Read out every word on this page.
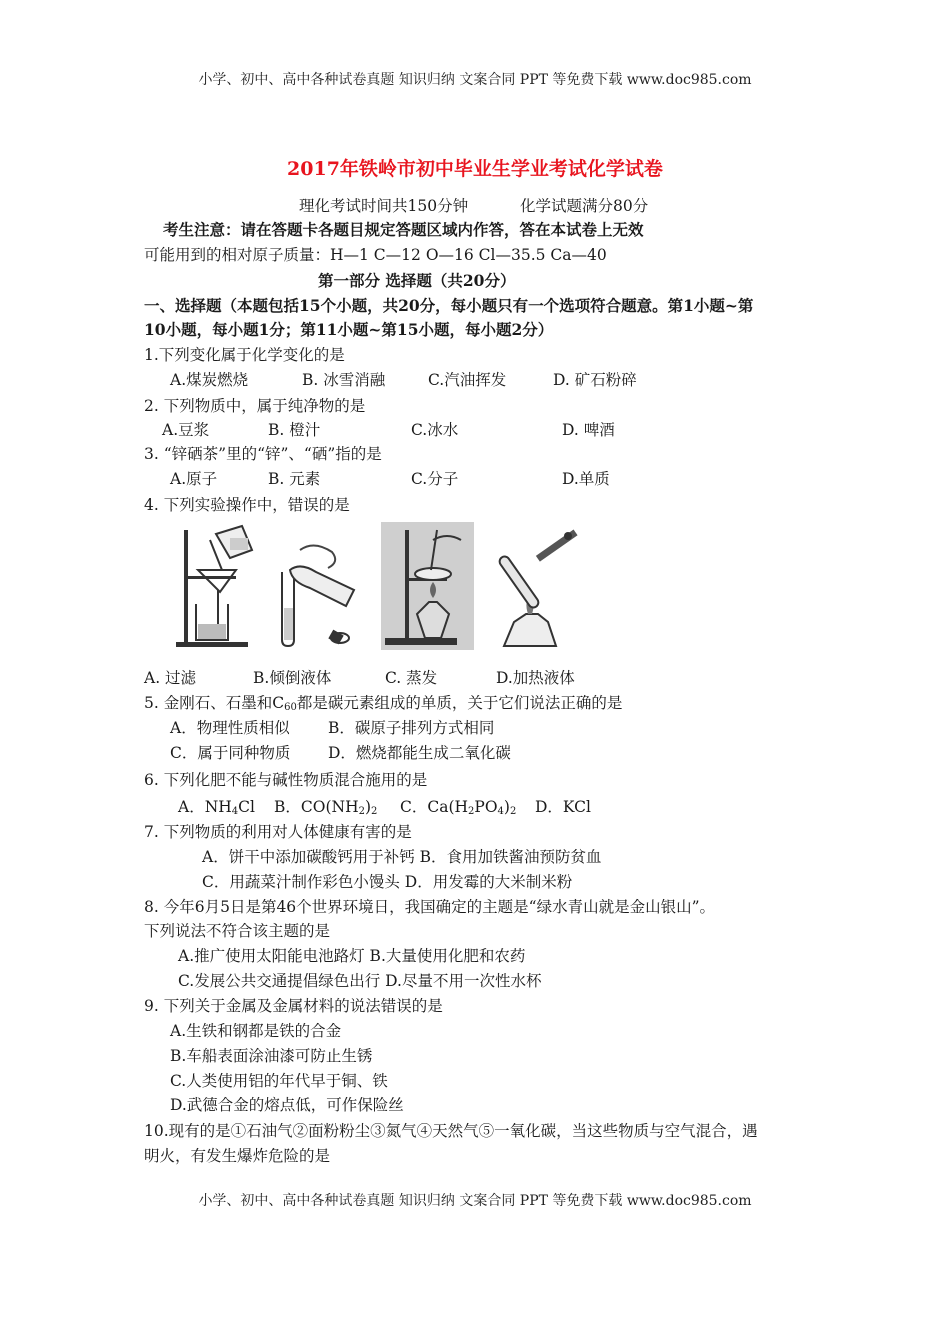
小学、初中、高中各种试卷真题 知识归纳 文案合同 PPT 等免费下载 www.doc985.com
2017年铁岭市初中毕业生学业考试化学试卷
理化考试时间共150分钟	化学试题满分80分
考生注意：请在答题卡各题目规定答题区域内作答，答在本试卷上无效
可能用到的相对原子质量：H—1 C—12 O—16 Cl—35.5 Ca—40
第一部分 选择题（共20分）
一、选择题（本题包括15个小题，共20分，每小题只有一个选项符合题意。第1小题~第
10小题，每小题1分；第11小题~第15小题，每小题2分）
1.下列变化属于化学变化的是
A.煤炭燃烧	B. 冰雪消融	C.汽油挥发	D. 矿石粉碎
2. 下列物质中，属于纯净物的是
A.豆浆	B. 橙汁	C.冰水	D. 啤酒
3. “锌硒茶”里的“锌”、“硒”指的是
A.原子	B. 元素	C.分子	D.单质
4. 下列实验操作中，错误的是
A. 过滤	B.倾倒液体	C. 蒸发	D.加热液体
5. 金刚石、石墨和$C_{60}$都是碳元素组成的单质，关于它们说法正确的是
A．物理性质相似 B．碳原子排列方式相同
C．属于同种物质 D．燃烧都能生成二氧化碳
6. 下列化肥不能与碱性物质混合施用的是
A．$NH_4Cl$ B．$CO(NH_2)_2$ C．$Ca(H_2PO_4)_2$ D．KCl
7. 下列物质的利用对人体健康有害的是
A．饼干中添加碳酸钙用于补钙 B．食用加铁酱油预防贫血
C．用蔬菜汁制作彩色小馒头 D．用发霉的大米制米粉
8. 今年6月5日是第46个世界环境日，我国确定的主题是“绿水青山就是金山银山”。
下列说法不符合该主题的是
A.推广使用太阳能电池路灯 B.大量使用化肥和农药
C.发展公共交通提倡绿色出行 D.尽量不用一次性水杯
9. 下列关于金属及金属材料的说法错误的是
A.生铁和钢都是铁的合金
B.车船表面涂油漆可防止生锈
C.人类使用铝的年代早于铜、铁
D.武德合金的熔点低，可作保险丝
10.现有的是①石油气②面粉粉尘③氮气④天然气⑤一氧化碳，当这些物质与空气混合，遇
明火，有发生爆炸危险的是
小学、初中、高中各种试卷真题 知识归纳 文案合同 PPT 等免费下载 www.doc985.com
